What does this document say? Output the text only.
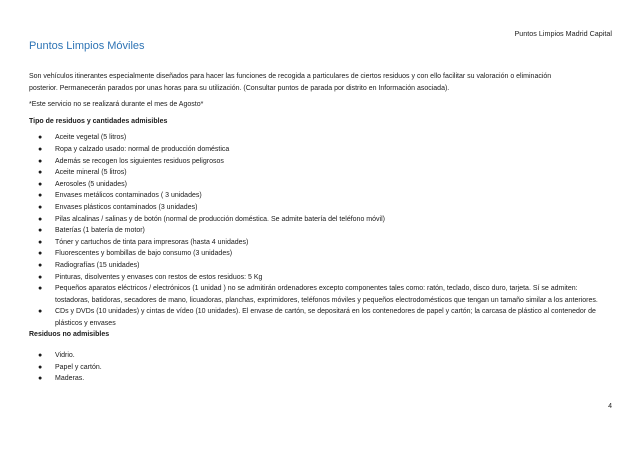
Puntos Limpios Madrid Capital
Puntos Limpios Móviles

Son vehículos itinerantes especialmente diseñados para hacer las funciones de recogida a particulares de ciertos residuos y con ello facilitar su valoración o eliminación

posterior. Permanecerán parados por unas horas para su utilización. (Consultar puntos de parada por distrito en Información asociada).

*Este servicio no se realizará durante el mes de Agosto*

Tipo de residuos y cantidades admisibles

● Aceite vegetal (5 litros)
● Ropa y calzado usado: normal de producción doméstica
● Además se recogen los siguientes residuos peligrosos
● Aceite mineral (5 litros)
● Aerosoles (5 unidades)
● Envases metálicos contaminados ( 3 unidades)
● Envases plásticos contaminados (3 unidades)
● Pilas alcalinas / salinas y de botón (normal de producción doméstica. Se admite batería del teléfono móvil)
● Baterías (1 batería de motor)
● Tóner y cartuchos de tinta para impresoras (hasta 4 unidades)
● Fluorescentes y bombillas de bajo consumo (3 unidades)
● Radiografías (15 unidades)
● Pinturas, disolventes y envases con restos de estos residuos: 5 Kg
● Pequeños aparatos eléctricos / electrónicos (1 unidad ) no se admitirán ordenadores excepto componentes tales como: ratón, teclado, disco duro, tarjeta. Sí se admiten: tostadoras, batidoras, secadores de mano, licuadoras, planchas, exprimidores, teléfonos móviles y pequeños electrodomésticos que tengan un tamaño similar a los anteriores.
● CDs y DVDs (10 unidades) y cintas de vídeo (10 unidades). El envase de cartón, se depositará en los contenedores de papel y cartón; la carcasa de plástico al contenedor de plásticos y envases

Residuos no admisibles

● Vidrio.
● Papel y cartón.
● Maderas.
4
